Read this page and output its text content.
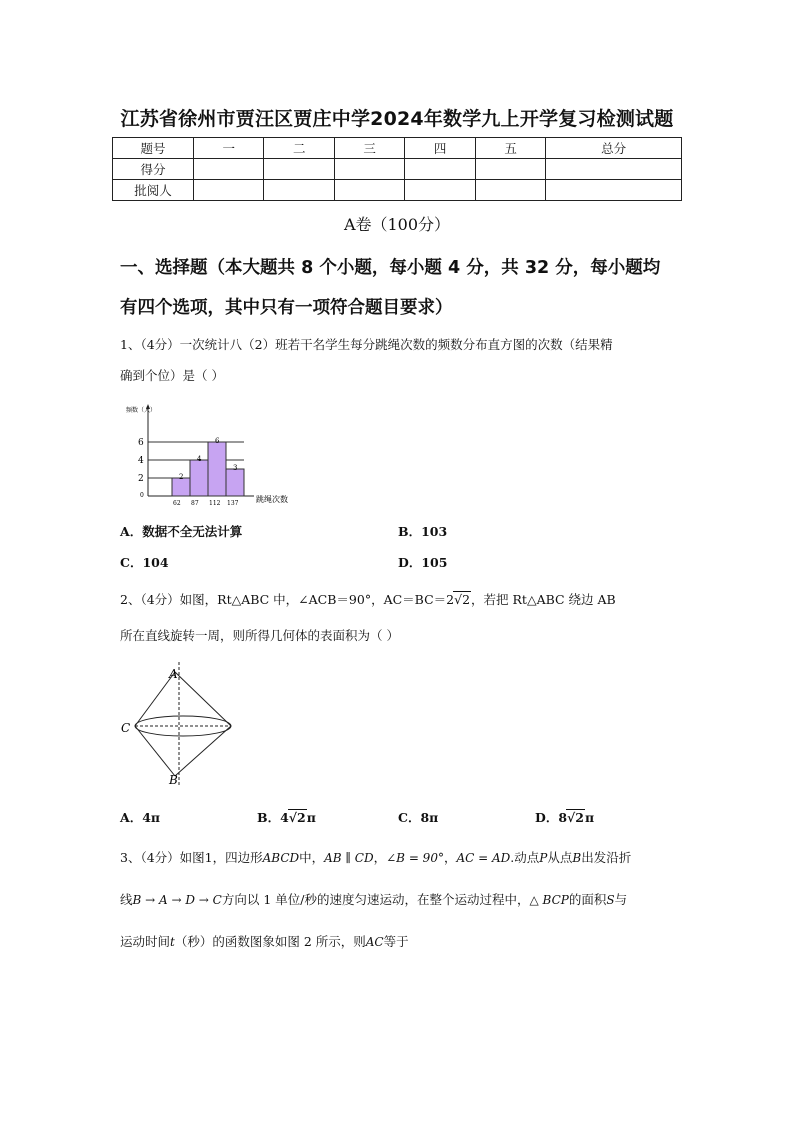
江苏省徐州市贾汪区贾庄中学2024年数学九上开学复习检测试题
题号	一	二	三	四	五	总分
得分						
批阅人						
A卷（100分）
一、选择题（本大题共 8 个小题，每小题 4 分，共 32 分，每小题均
有四个选项，其中只有一项符合题目要求）
1、（4分）一次统计八（2）班若干名学生每分跳绳次数的频数分布直方图的次数（结果精
确到个位）是（ ）
2
4
6
2
62
4
87
6
112
3
137
频数（人）
跳绳次数
0
A．数据不全无法计算	B．103
C．104	D．105
2、（4分）如图，Rt△ABC 中，∠ACB＝90°，AC＝BC＝2√2，若把 Rt△ABC 绕边 AB
所在直线旋转一周，则所得几何体的表面积为（ ）
A
C
B
A．4π	B．4√2π	C．8π	D．8√2π
3、（4分）如图1，四边形ABCD中，AB ∥ CD，∠B = 90°，AC = AD.动点P从点B出发沿折
线B → A → D → C方向以 1 单位/秒的速度匀速运动，在整个运动过程中，△ BCP的面积S与
运动时间t（秒）的函数图象如图 2 所示，则AC等于
